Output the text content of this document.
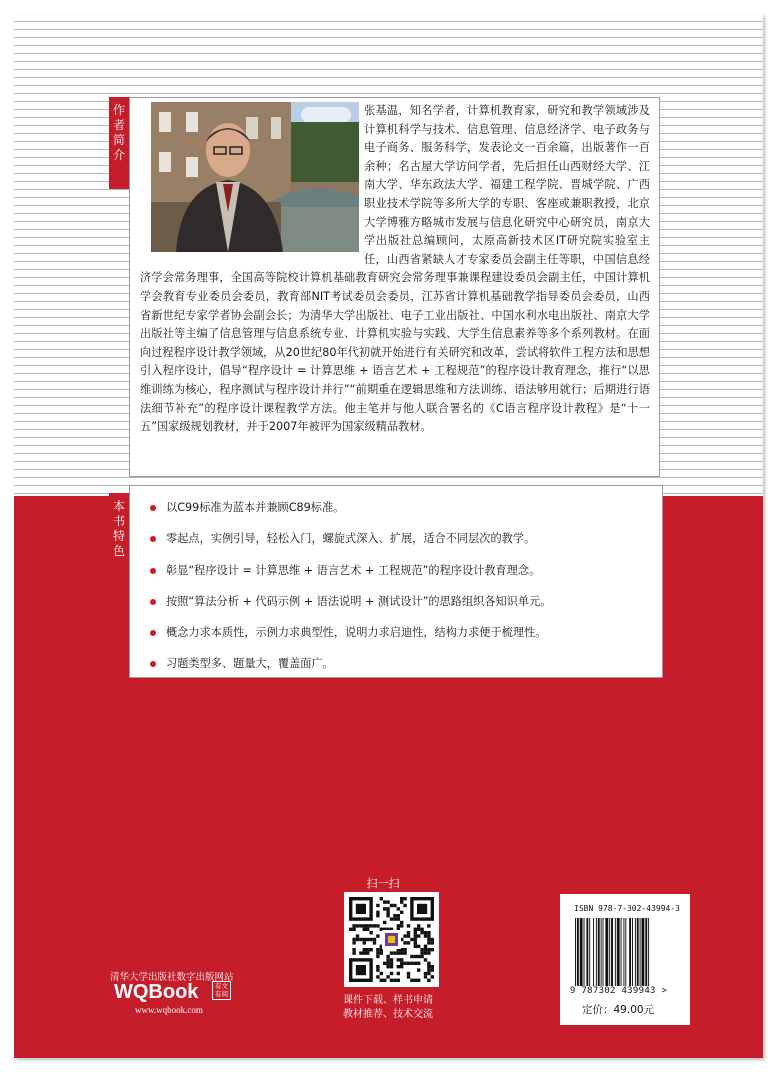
作
者
简
介
张基温，知名学者，计算机教育家，研究和教学领域涉及计算机科学与技术、信息管理、信息经济学、电子政务与电子商务、服务科学，发表论文一百余篇，出版著作一百余种；名古屋大学访问学者，先后担任山西财经大学、江南大学、华东政法大学、福建工程学院、晋城学院、广西职业技术学院等多所大学的专职、客座或兼职教授，北京大学博雅方略城市发展与信息化研究中心研究员，南京大学出版社总编顾问，太原高新技术区IT研究院实验室主任，山西省紧缺人才专家委员会副主任等职，中国信息经济学会常务理事，全国高等院校计算机基础教育研究会常务理事兼课程建设委员会副主任，中国计算机学会教育专业委员会委员，教育部NIT考试委员会委员，江苏省计算机基础教学指导委员会委员，山西省新世纪专家学者协会副会长；为清华大学出版社、电子工业出版社、中国水利水电出版社、南京大学出版社等主编了信息管理与信息系统专业、计算机实验与实践、大学生信息素养等多个系列教材。在面向过程程序设计教学领域，从20世纪80年代初就开始进行有关研究和改革，尝试将软件工程方法和思想引入程序设计，倡导“程序设计 = 计算思维 + 语言艺术 + 工程规范”的程序设计教育理念，推行“以思维训练为核心，程序测试与程序设计并行”“前期重在逻辑思维和方法训练、语法够用就行；后期进行语法细节补充”的程序设计课程教学方法。他主笔并与他人联合署名的《C语言程序设计教程》是“十一五”国家级规划教材，并于2007年被评为国家级精品教材。
本
书
特
色
以C99标准为蓝本并兼顾C89标准。
零起点，实例引导，轻松入门，螺旋式深入、扩展，适合不同层次的教学。
彰显“程序设计 = 计算思维 + 语言艺术 + 工程规范”的程序设计教育理念。
按照“算法分析 + 代码示例 + 语法说明 + 测试设计”的思路组织各知识单元。
概念力求本质性，示例力求典型性，说明力求启迪性，结构力求便于梳理性。
习题类型多、题量大，覆盖面广。
清华大学出版社数字出版网站
WQBook	有文
有阅
www.wqbook.com
扫一扫
课件下载、样书申请
教材推荐、技术交流
ISBN 978-7-302-43994-3
9 787302 439943 >
定价：49.00元
